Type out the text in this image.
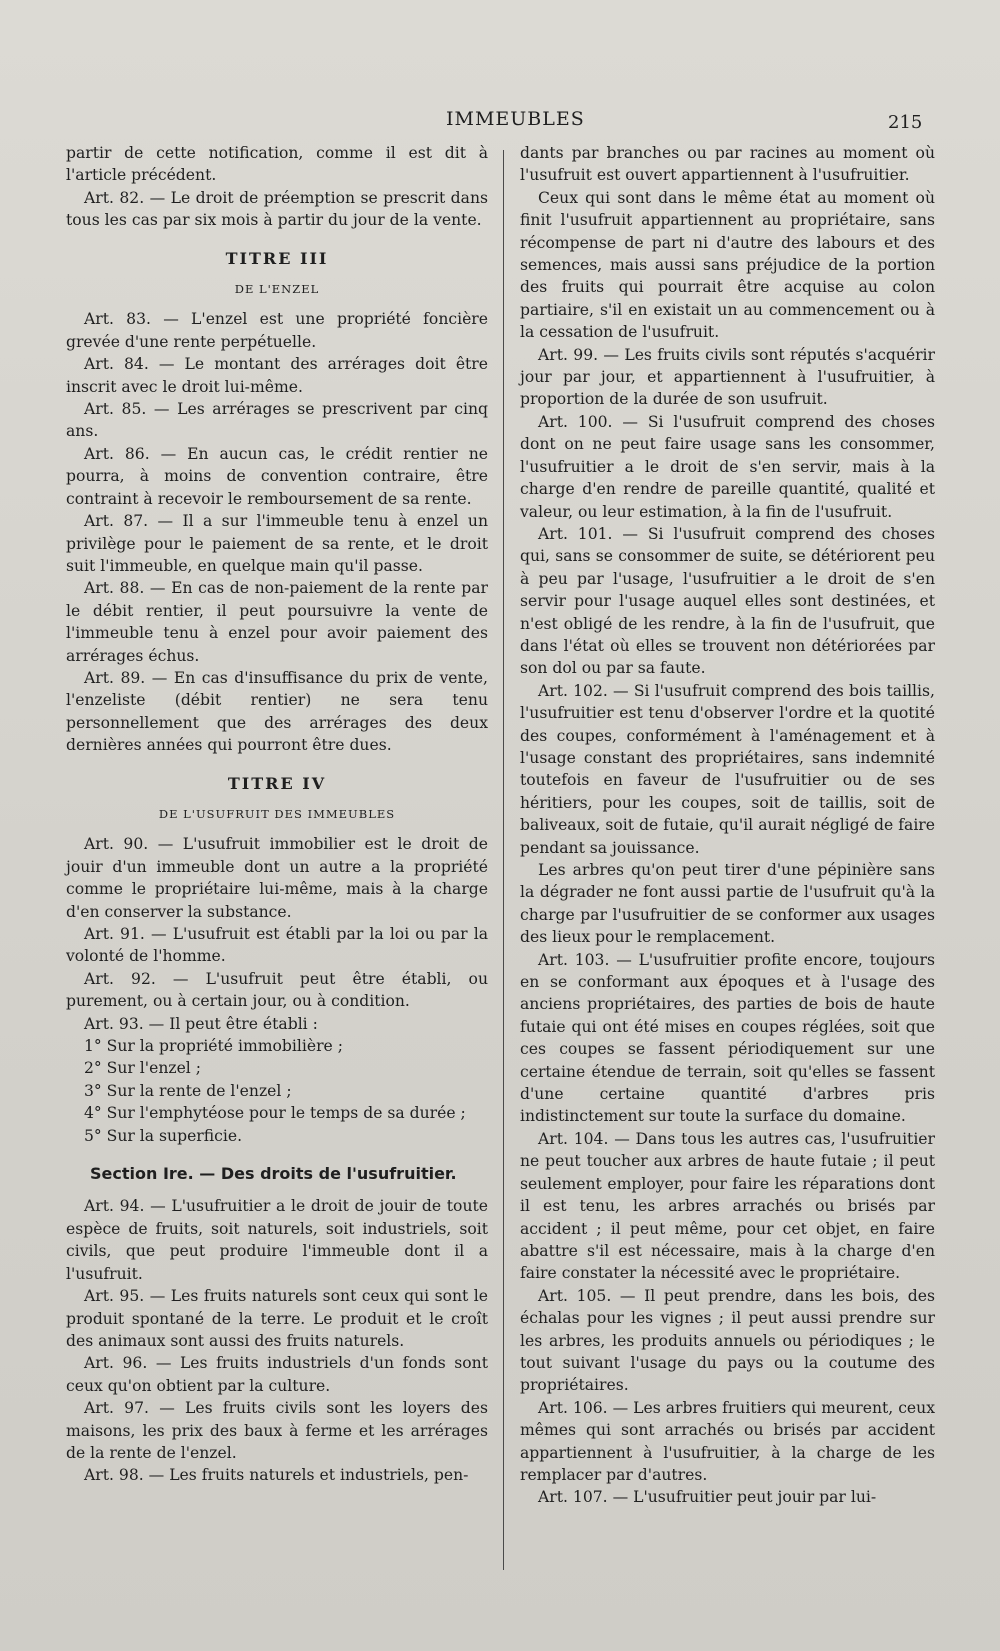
IMMEUBLES	215

partir de cette notification, comme il est dit à l'article précédent.

Art. 82. — Le droit de préemption se prescrit dans tous les cas par six mois à partir du jour de la vente.

TITRE III
DE L'ENZEL

Art. 83. — L'enzel est une propriété foncière grevée d'une rente perpétuelle.

Art. 84. — Le montant des arrérages doit être inscrit avec le droit lui-même.

Art. 85. — Les arrérages se prescrivent par cinq ans.

Art. 86. — En aucun cas, le crédit rentier ne pourra, à moins de convention contraire, être contraint à recevoir le remboursement de sa rente.

Art. 87. — Il a sur l'immeuble tenu à enzel un privilège pour le paiement de sa rente, et le droit suit l'immeuble, en quelque main qu'il passe.

Art. 88. — En cas de non-paiement de la rente par le débit rentier, il peut poursuivre la vente de l'immeuble tenu à enzel pour avoir paiement des arrérages échus.

Art. 89. — En cas d'insuffisance du prix de vente, l'enzeliste (débit rentier) ne sera tenu personnellement que des arrérages des deux dernières années qui pourront être dues.

TITRE IV
DE L'USUFRUIT DES IMMEUBLES

Art. 90. — L'usufruit immobilier est le droit de jouir d'un immeuble dont un autre a la propriété comme le propriétaire lui-même, mais à la charge d'en conserver la substance.

Art. 91. — L'usufruit est établi par la loi ou par la volonté de l'homme.

Art. 92. — L'usufruit peut être établi, ou purement, ou à certain jour, ou à condition.

Art. 93. — Il peut être établi :

1° Sur la propriété immobilière ;

2° Sur l'enzel ;

3° Sur la rente de l'enzel ;

4° Sur l'emphytéose pour le temps de sa durée ;

5° Sur la superficie.

Section Ire. — Des droits de l'usufruitier.

Art. 94. — L'usufruitier a le droit de jouir de toute espèce de fruits, soit naturels, soit industriels, soit civils, que peut produire l'immeuble dont il a l'usufruit.

Art. 95. — Les fruits naturels sont ceux qui sont le produit spontané de la terre. Le produit et le croît des animaux sont aussi des fruits naturels.

Art. 96. — Les fruits industriels d'un fonds sont ceux qu'on obtient par la culture.

Art. 97. — Les fruits civils sont les loyers des maisons, les prix des baux à ferme et les arrérages de la rente de l'enzel.

Art. 98. — Les fruits naturels et industriels, pen-

dants par branches ou par racines au moment où l'usufruit est ouvert appartiennent à l'usufruitier.

Ceux qui sont dans le même état au moment où finit l'usufruit appartiennent au propriétaire, sans récompense de part ni d'autre des labours et des semences, mais aussi sans préjudice de la portion des fruits qui pourrait être acquise au colon partiaire, s'il en existait un au commencement ou à la cessation de l'usufruit.

Art. 99. — Les fruits civils sont réputés s'acquérir jour par jour, et appartiennent à l'usufruitier, à proportion de la durée de son usufruit.

Art. 100. — Si l'usufruit comprend des choses dont on ne peut faire usage sans les consommer, l'usufruitier a le droit de s'en servir, mais à la charge d'en rendre de pareille quantité, qualité et valeur, ou leur estimation, à la fin de l'usufruit.

Art. 101. — Si l'usufruit comprend des choses qui, sans se consommer de suite, se détériorent peu à peu par l'usage, l'usufruitier a le droit de s'en servir pour l'usage auquel elles sont destinées, et n'est obligé de les rendre, à la fin de l'usufruit, que dans l'état où elles se trouvent non détériorées par son dol ou par sa faute.

Art. 102. — Si l'usufruit comprend des bois taillis, l'usufruitier est tenu d'observer l'ordre et la quotité des coupes, conformément à l'aménagement et à l'usage constant des propriétaires, sans indemnité toutefois en faveur de l'usufruitier ou de ses héritiers, pour les coupes, soit de taillis, soit de baliveaux, soit de futaie, qu'il aurait négligé de faire pendant sa jouissance.

Les arbres qu'on peut tirer d'une pépinière sans la dégrader ne font aussi partie de l'usufruit qu'à la charge par l'usufruitier de se conformer aux usages des lieux pour le remplacement.

Art. 103. — L'usufruitier profite encore, toujours en se conformant aux époques et à l'usage des anciens propriétaires, des parties de bois de haute futaie qui ont été mises en coupes réglées, soit que ces coupes se fassent périodiquement sur une certaine étendue de terrain, soit qu'elles se fassent d'une certaine quantité d'arbres pris indistinctement sur toute la surface du domaine.

Art. 104. — Dans tous les autres cas, l'usufruitier ne peut toucher aux arbres de haute futaie ; il peut seulement employer, pour faire les réparations dont il est tenu, les arbres arrachés ou brisés par accident ; il peut même, pour cet objet, en faire abattre s'il est nécessaire, mais à la charge d'en faire constater la nécessité avec le propriétaire.

Art. 105. — Il peut prendre, dans les bois, des échalas pour les vignes ; il peut aussi prendre sur les arbres, les produits annuels ou périodiques ; le tout suivant l'usage du pays ou la coutume des propriétaires.

Art. 106. — Les arbres fruitiers qui meurent, ceux mêmes qui sont arrachés ou brisés par accident appartiennent à l'usufruitier, à la charge de les remplacer par d'autres.

Art. 107. — L'usufruitier peut jouir par lui-
